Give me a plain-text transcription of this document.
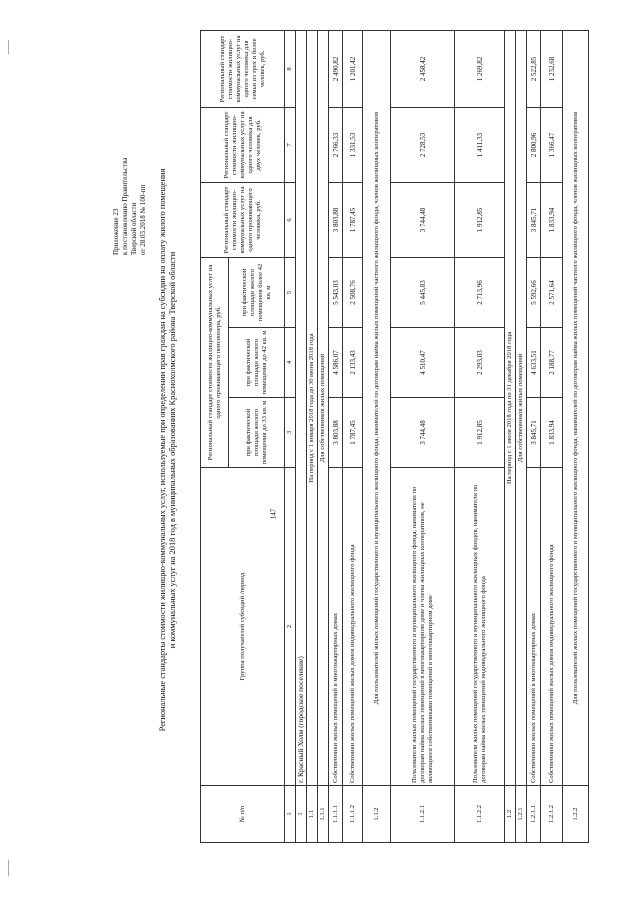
147
Приложение 23 к постановлению Правительства Тверской области от 28.03.2018 № 100-пп Региональные стандарты стоимости жилищно-коммунальных услуг, используемые при определении прав граждан на субсидии на оплату жилого помещения и коммунальных услуг на 2018 год в муниципальных образованиях Краснохолмского района Тверской области
№ п/п	Группа получателей субсидий /период	Региональный стандарт стоимости жилищно-коммунальных услуг на одного проживающего пенсионера, руб.			Региональный стандарт стоимости жилищно-коммунальных услуг на одного проживающего человека, руб.	Региональный стандарт стоимости жилищно-коммунальных услуг на одного человека для двух человек, руб.	Региональный стандарт стоимости жилищно-коммунальных услуг на одного человека для семьи из трех и более человек, руб.
		при фактической площади жилого помещения до 33 кв. м	при фактической площади жилого помещения до 42 кв. м	при фактической площади жилого помещения более 42 кв. м			
1	2	3	4	5	6	7	8
1	г. Красный Холм (городское поселение)						
1.1	На период с 1 января 2018 года до 30 июня 2018 года						
1.1.1	Для собственников жилых помещений						
1.1.1.1	Собственники жилых помещений в многоквартирных домах	3 803,88	4 586,07	5 543,03	3 803,88	2 766,33	2 490,82
1.1.1.2	Собственники жилых помещений жилых домов индивидуального жилищного фонда	1 787,45	2 133,43	2 508,76	1 787,45	1 331,53	1 201,42
1.1.2	Для пользователей жилых помещений государственного и муниципального жилищного фонда, нанимателей по договорам найма жилых помещений частного жилищного фонда, членов жилищных кооперативов						
1.1.2.1	Пользователи жилых помещений государственного и муниципального жилищного фонда, наниматели по договорам найма жилых помещений в многоквартирном доме и члены жилищных кооперативов, не являющиеся собственниками помещений в многоквартирном доме	3 744,48	4 510,47	5 445,83	3 744,48	2 728,53	2 458,42
1.1.2.2	Пользователи жилых помещений государственного и муниципального жилищных фондов, наниматели по договорам найма жилых помещений индивидуального жилищного фонда	1 912,85	2 293,03	2 713,96	1 912,85	1 411,33	1 269,82
1.2	На период с 1 июля 2018 года по 31 декабря 2018 года						
1.2.1	Для собственников жилых помещений						
1.2.1.1	Собственники жилых помещений в многоквартирных домах	3 845,71	4 633,51	5 592,66	3 845,71	2 800,96	2 522,85
1.2.1.2	Собственники жилых помещений жилых домов индивидуального жилищного фонда	1 833,94	2 188,77	2 571,64	1 833,94	1 366,47	1 232,68
1.2.2	Для пользователей жилых помещений государственного и муниципального жилищного фонда, нанимателей по договорам найма жилых помещений частного жилищного фонда, членов жилищных кооперативов						
